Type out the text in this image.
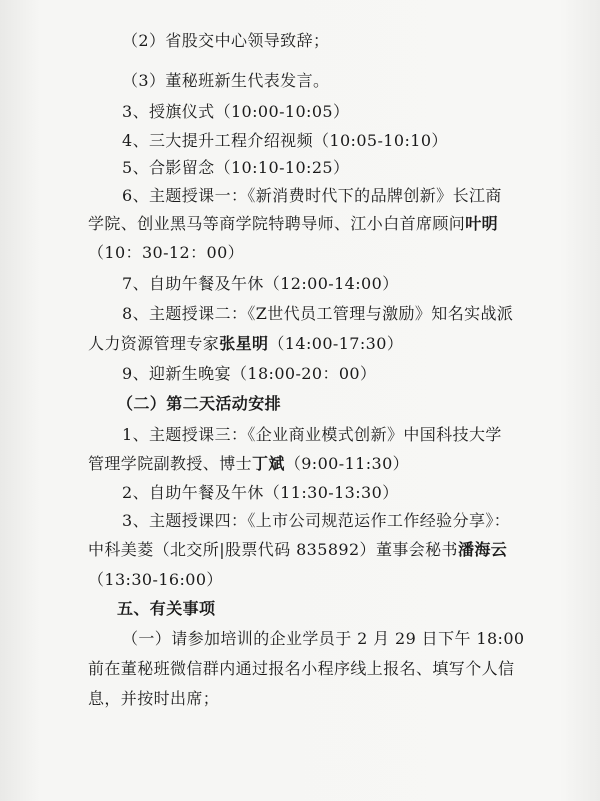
（2）省股交中心领导致辞；
（3）董秘班新生代表发言。
3、授旗仪式（10:00-10:05）
4、三大提升工程介绍视频（10:05-10:10）
5、合影留念（10:10-10:25）
6、主题授课一：《新消费时代下的品牌创新》长江商
学院、创业黑马等商学院特聘导师、江小白首席顾问叶明
（10：30-12：00）
7、自助午餐及午休（12:00-14:00）
8、主题授课二：《Z世代员工管理与激励》知名实战派
人力资源管理专家张星明（14:00-17:30）
9、迎新生晚宴（18:00-20：00）
（二）第二天活动安排
1、主题授课三：《企业商业模式创新》中国科技大学
管理学院副教授、博士丁斌（9:00-11:30）
2、自助午餐及午休（11:30-13:30）
3、主题授课四：《上市公司规范运作工作经验分享》：
中科美菱（北交所|股票代码 835892）董事会秘书潘海云
（13:30-16:00）
五、有关事项
（一）请参加培训的企业学员于 2 月 29 日下午 18:00
前在董秘班微信群内通过报名小程序线上报名、填写个人信
息，并按时出席；
